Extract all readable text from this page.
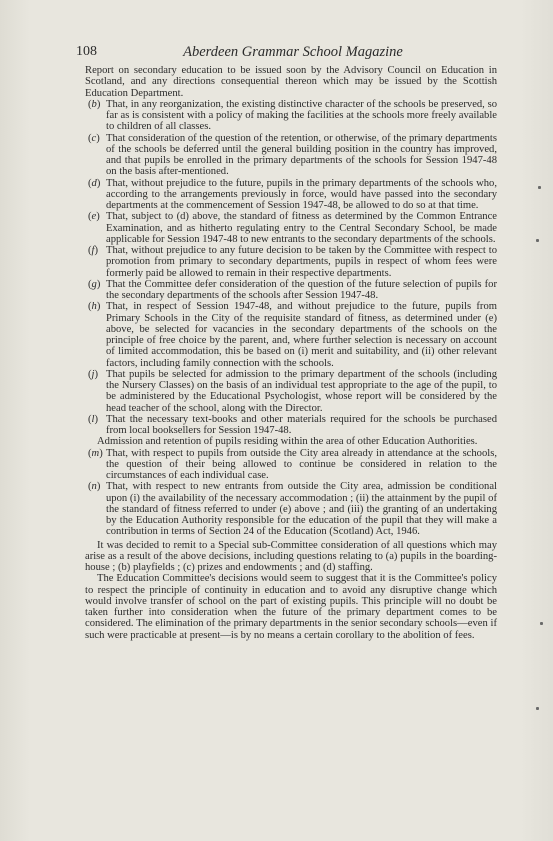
108	Aberdeen Grammar School Magazine

Report on secondary education to be issued soon by the Advisory Council on Education in Scotland, and any directions consequential thereon which may be issued by the Scottish Education Department.

(b) That, in any reorganization, the existing distinctive character of the schools be preserved, so far as is consistent with a policy of making the facilities at the schools more freely available to children of all classes.

(c) That consideration of the question of the retention, or otherwise, of the primary departments of the schools be deferred until the general building position in the country has improved, and that pupils be enrolled in the primary departments of the schools for Session 1947-48 on the basis after-mentioned.

(d) That, without prejudice to the future, pupils in the primary departments of the schools who, according to the arrangements previously in force, would have passed into the secondary departments at the commencement of Session 1947-48, be allowed to do so at that time.

(e) That, subject to (d) above, the standard of fitness as determined by the Common Entrance Examination, and as hitherto regulating entry to the Central Secondary School, be made applicable for Session 1947-48 to new entrants to the secondary departments of the schools.

(f) That, without prejudice to any future decision to be taken by the Committee with respect to promotion from primary to secondary departments, pupils in respect of whom fees were formerly paid be allowed to remain in their respective departments.

(g) That the Committee defer consideration of the question of the future selection of pupils for the secondary departments of the schools after Session 1947-48.

(h) That, in respect of Session 1947-48, and without prejudice to the future, pupils from Primary Schools in the City of the requisite standard of fitness, as determined under (e) above, be selected for vacancies in the secondary departments of the schools on the principle of free choice by the parent, and, where further selection is necessary on account of limited accommodation, this be based on (i) merit and suitability, and (ii) other relevant factors, including family connection with the schools.

(j) That pupils be selected for admission to the primary department of the schools (including the Nursery Classes) on the basis of an individual test appropriate to the age of the pupil, to be administered by the Educational Psychologist, whose report will be considered by the head teacher of the school, along with the Director.

(l) That the necessary text-books and other materials required for the schools be purchased from local booksellers for Session 1947-48.

Admission and retention of pupils residing within the area of other Education Authorities.

(m) That, with respect to pupils from outside the City area already in attendance at the schools, the question of their being allowed to continue be considered in relation to the circumstances of each individual case.

(n) That, with respect to new entrants from outside the City area, admission be conditional upon (i) the availability of the necessary accommodation ; (ii) the attainment by the pupil of the standard of fitness referred to under (e) above ; and (iii) the granting of an undertaking by the Education Authority responsible for the education of the pupil that they will make a contribution in terms of Section 24 of the Education (Scotland) Act, 1946.

It was decided to remit to a Special sub-Committee consideration of all questions which may arise as a result of the above decisions, including questions relating to (a) pupils in the boarding-house ; (b) playfields ; (c) prizes and endowments ; and (d) staffing.

The Education Committee's decisions would seem to suggest that it is the Committee's policy to respect the principle of continuity in education and to avoid any disruptive change which would involve transfer of school on the part of existing pupils. This principle will no doubt be taken further into consideration when the future of the primary department comes to be considered. The elimination of the primary departments in the senior secondary schools—even if such were practicable at present—is by no means a certain corollary to the abolition of fees.
